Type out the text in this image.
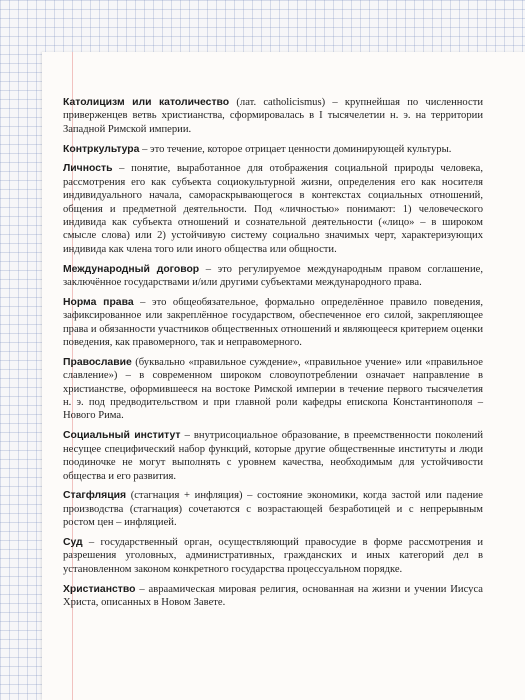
Католицизм или католичество (лат. catholicismus) – крупнейшая по численности приверженцев ветвь христианства, сформировалась в I тысячелетии н. э. на территории Западной Римской империи.

Контркультура – это течение, которое отрицает ценности доминирующей культуры.

Личность – понятие, выработанное для отображения социальной природы человека, рассмотрения его как субъекта социокультурной жизни, определения его как носителя индивидуального начала, самораскрывающегося в контекстах социальных отношений, общения и предметной деятельности. Под «личностью» понимают: 1) человеческого индивида как субъекта отношений и сознательной деятельности («лицо» – в широком смысле слова) или 2) устойчивую систему социально значимых черт, характеризующих индивида как члена того или иного общества или общности.

Международный договор – это регулируемое международным правом соглашение, заключённое государствами и/или другими субъектами международного права.

Норма права – это общеобязательное, формально определённое правило поведения, зафиксированное или закреплённое государством, обеспеченное его силой, закрепляющее права и обязанности участников общественных отношений и являющееся критерием оценки поведения, как правомерного, так и неправомерного.

Православие (буквально «правильное суждение», «правильное учение» или «правильное славление») – в современном широком словоупотреблении означает направление в христианстве, оформившееся на востоке Римской империи в течение первого тысячелетия н. э. под предводительством и при главной роли кафедры епископа Константинополя – Нового Рима.

Социальный институт – внутрисоциальное образование, в преемственности поколений несущее специфический набор функций, которые другие общественные институты и люди поодиночке не могут выполнять с уровнем качества, необходимым для устойчивости общества и его развития.

Стагфляция (стагнация + инфляция) – состояние экономики, когда застой или падение производства (стагнация) сочетаются с возрастающей безработицей и с непрерывным ростом цен – инфляцией.

Суд – государственный орган, осуществляющий правосудие в форме рассмотрения и разрешения уголовных, административных, гражданских и иных категорий дел в установленном законом конкретного государства процессуальном порядке.

Христианство – авраамическая мировая религия, основанная на жизни и учении Иисуса Христа, описанных в Новом Завете.
